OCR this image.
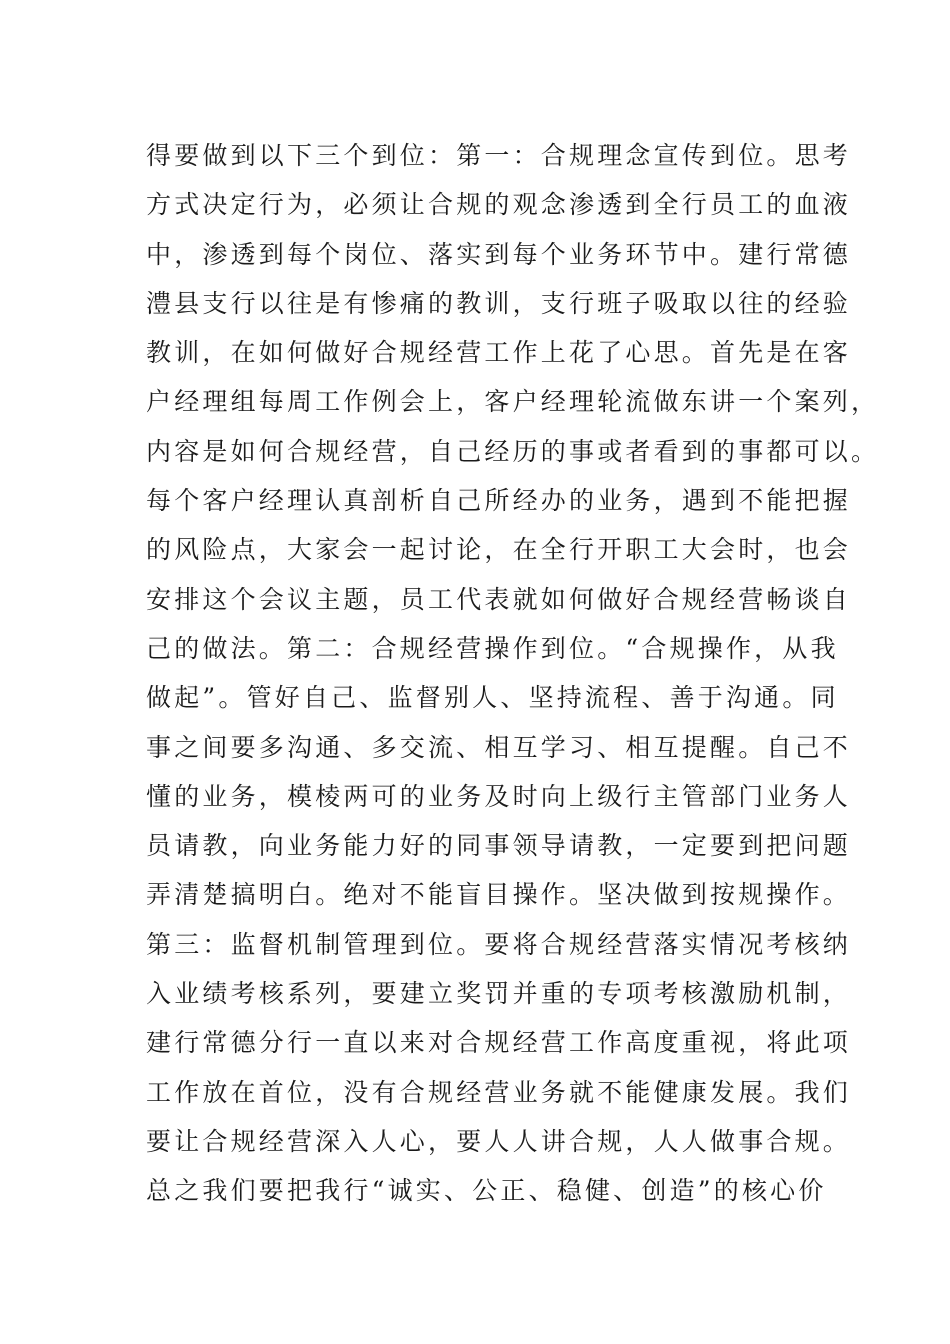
得要做到以下三个到位：第一：合规理念宣传到位。思考
方式决定行为，必须让合规的观念渗透到全行员工的血液
中，渗透到每个岗位、落实到每个业务环节中。建行常德
澧县支行以往是有惨痛的教训，支行班子吸取以往的经验
教训，在如何做好合规经营工作上花了心思。首先是在客
户经理组每周工作例会上，客户经理轮流做东讲一个案列，
内容是如何合规经营，自己经历的事或者看到的事都可以。
每个客户经理认真剖析自己所经办的业务，遇到不能把握
的风险点，大家会一起讨论，在全行开职工大会时，也会
安排这个会议主题，员工代表就如何做好合规经营畅谈自
己的做法。第二：合规经营操作到位。“合规操作，从我
做起”。管好自己、监督别人、坚持流程、善于沟通。同
事之间要多沟通、多交流、相互学习、相互提醒。自己不
懂的业务，模棱两可的业务及时向上级行主管部门业务人
员请教，向业务能力好的同事领导请教，一定要到把问题
弄清楚搞明白。绝对不能盲目操作。坚决做到按规操作。
第三：监督机制管理到位。要将合规经营落实情况考核纳
入业绩考核系列，要建立奖罚并重的专项考核激励机制，
建行常德分行一直以来对合规经营工作高度重视，将此项
工作放在首位，没有合规经营业务就不能健康发展。我们
要让合规经营深入人心，要人人讲合规，人人做事合规。
总之我们要把我行“诚实、公正、稳健、创造”的核心价
